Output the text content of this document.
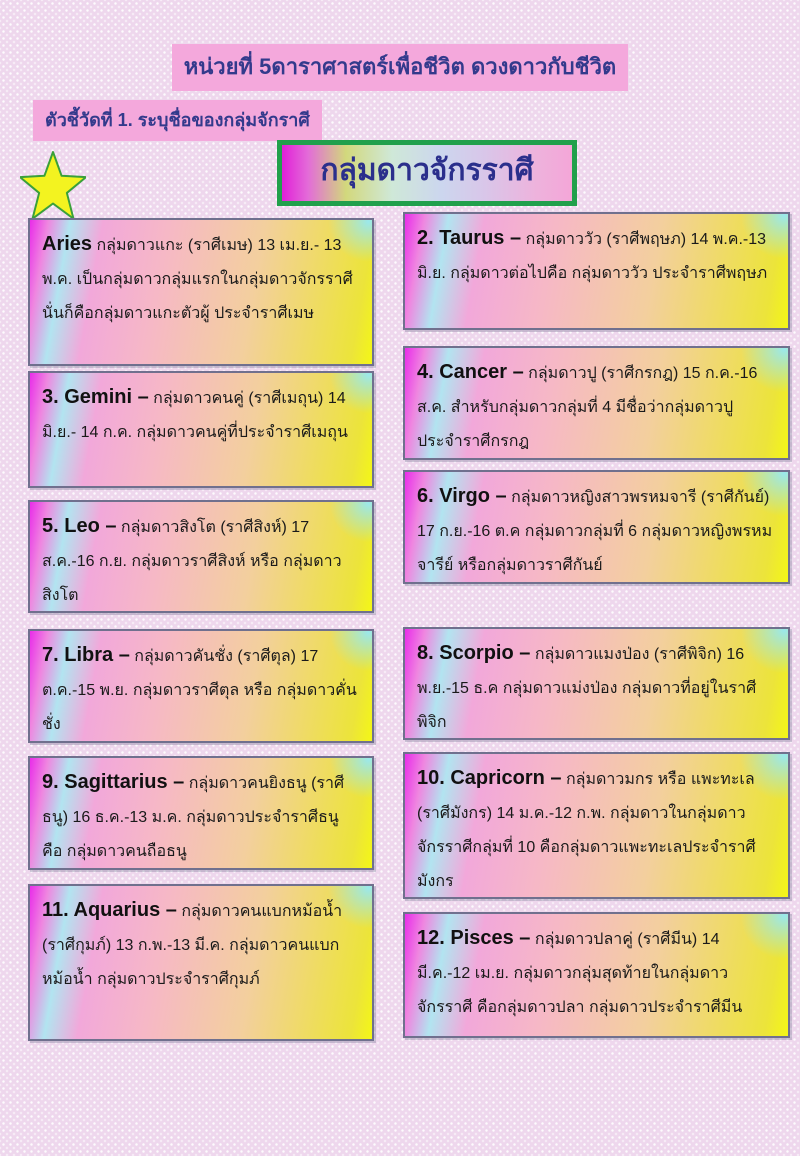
หน่วยที่ 5ดาราศาสตร์เพื่อชีวิต ดวงดาวกับชีวิต
ตัวชี้วัดที่ 1. ระบุชื่อของกลุ่มจักราศี
กลุ่มดาวจักรราศี
Aries กลุ่มดาวแกะ (ราศีเมษ) 13 เม.ย.- 13 พ.ค. เป็นกลุ่มดาวกลุ่มแรกในกลุ่มดาวจักรราศี นั่นก็คือกลุ่มดาวแกะตัวผู้ ประจำราศีเมษ
2. Taurus – กลุ่มดาววัว (ราศีพฤษภ) 14 พ.ค.-13 มิ.ย. กลุ่มดาวต่อไปคือ กลุ่มดาววัว ประจำราศีพฤษภ
3. Gemini – กลุ่มดาวคนคู่ (ราศีเมถุน) 14 มิ.ย.- 14 ก.ค. กลุ่มดาวคนคู่ที่ประจำราศีเมถุน
4. Cancer – กลุ่มดาวปู (ราศีกรกฎ) 15 ก.ค.-16 ส.ค. สำหรับกลุ่มดาวกลุ่มที่ 4 มีชื่อว่ากลุ่มดาวปูประจำราศีกรกฎ
5. Leo – กลุ่มดาวสิงโต (ราศีสิงห์) 17 ส.ค.-16 ก.ย. กลุ่มดาวราศีสิงห์ หรือ กลุ่มดาวสิงโต
6. Virgo – กลุ่มดาวหญิงสาวพรหมจารี (ราศีกันย์) 17 ก.ย.-16 ต.ค กลุ่มดาวกลุ่มที่ 6 กลุ่มดาวหญิงพรหมจารีย์ หรือกลุ่มดาวราศีกันย์
7. Libra – กลุ่มดาวคันชั่ง (ราศีตุล) 17 ต.ค.-15 พ.ย. กลุ่มดาวราศีตุล หรือ กลุ่มดาวคั่นชั่ง
8. Scorpio – กลุ่มดาวแมงป่อง (ราศีพิจิก) 16 พ.ย.-15 ธ.ค กลุ่มดาวแม่งป่อง กลุ่มดาวที่อยู่ในราศีพิจิก
9. Sagittarius – กลุ่มดาวคนยิงธนู (ราศีธนู) 16 ธ.ค.-13 ม.ค. กลุ่มดาวประจำราศีธนู คือ กลุ่มดาวคนถือธนู
10. Capricorn – กลุ่มดาวมกร หรือ แพะทะเล (ราศีมังกร) 14 ม.ค.-12 ก.พ. กลุ่มดาวในกลุ่มดาวจักรราศีกลุ่มที่ 10 คือกลุ่มดาวแพะทะเลประจำราศีมังกร
11. Aquarius – กลุ่มดาวคนแบกหม้อน้ำ (ราศีกุมภ์) 13 ก.พ.-13 มี.ค. กลุ่มดาวคนแบกหม้อน้ำ กลุ่มดาวประจำราศีกุมภ์
12. Pisces – กลุ่มดาวปลาคู่ (ราศีมีน) 14 มี.ค.-12 เม.ย. กลุ่มดาวกลุ่มสุดท้ายในกลุ่มดาวจักรราศี คือกลุ่มดาวปลา กลุ่มดาวประจำราศีมีน
